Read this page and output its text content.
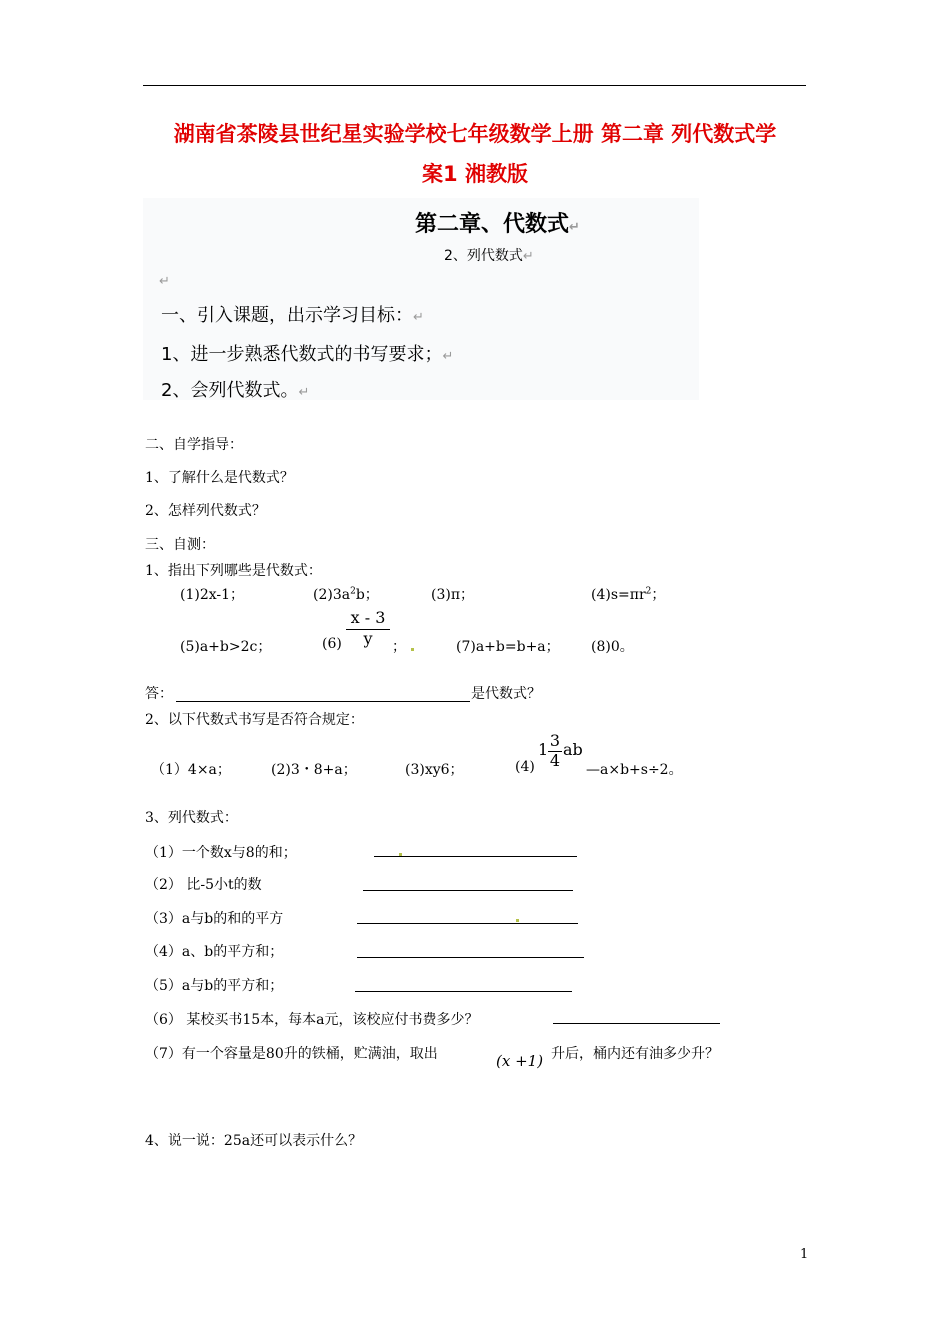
湖南省茶陵县世纪星实验学校七年级数学上册 第二章 列代数式学
案1 湘教版
第二章、代数式↵
2、列代数式↵
↵
一、引入课题，出示学习目标：↵
1、进一步熟悉代数式的书写要求；↵
2、会列代数式。↵
二、自学指导：
1、了解什么是代数式？
2、怎样列代数式？
三、自测：
1、指出下列哪些是代数式：
(1)2x-1；	$(2)3a^2b$；	(3)π；	$(4)s=\pi r^2$；
(5)a+b>2c；	$(6) \frac{x - 3}{y}$ ；	(7)a+b=b+a； (8)0。
答：	是代数式？
2、以下代数式书写是否符合规定：
（1）4×a；	(2)3・8+a；	(3)xy6；	(4)
$1 \frac{3}{4}$ ab
—a×b+s÷2。
3、列代数式：
（1）一个数x与8的和；
（2） 比-5小t的数
（3）a与b的和的平方
（4）a、b的平方和；
（5）a与b的平方和；
（6） 某校买书15本，每本a元，该校应付书费多少？
（7）有一个容量是80升的铁桶，贮满油，取出	(x +1) 升后，桶内还有油多少升？
4、说一说：25a还可以表示什么？
1
